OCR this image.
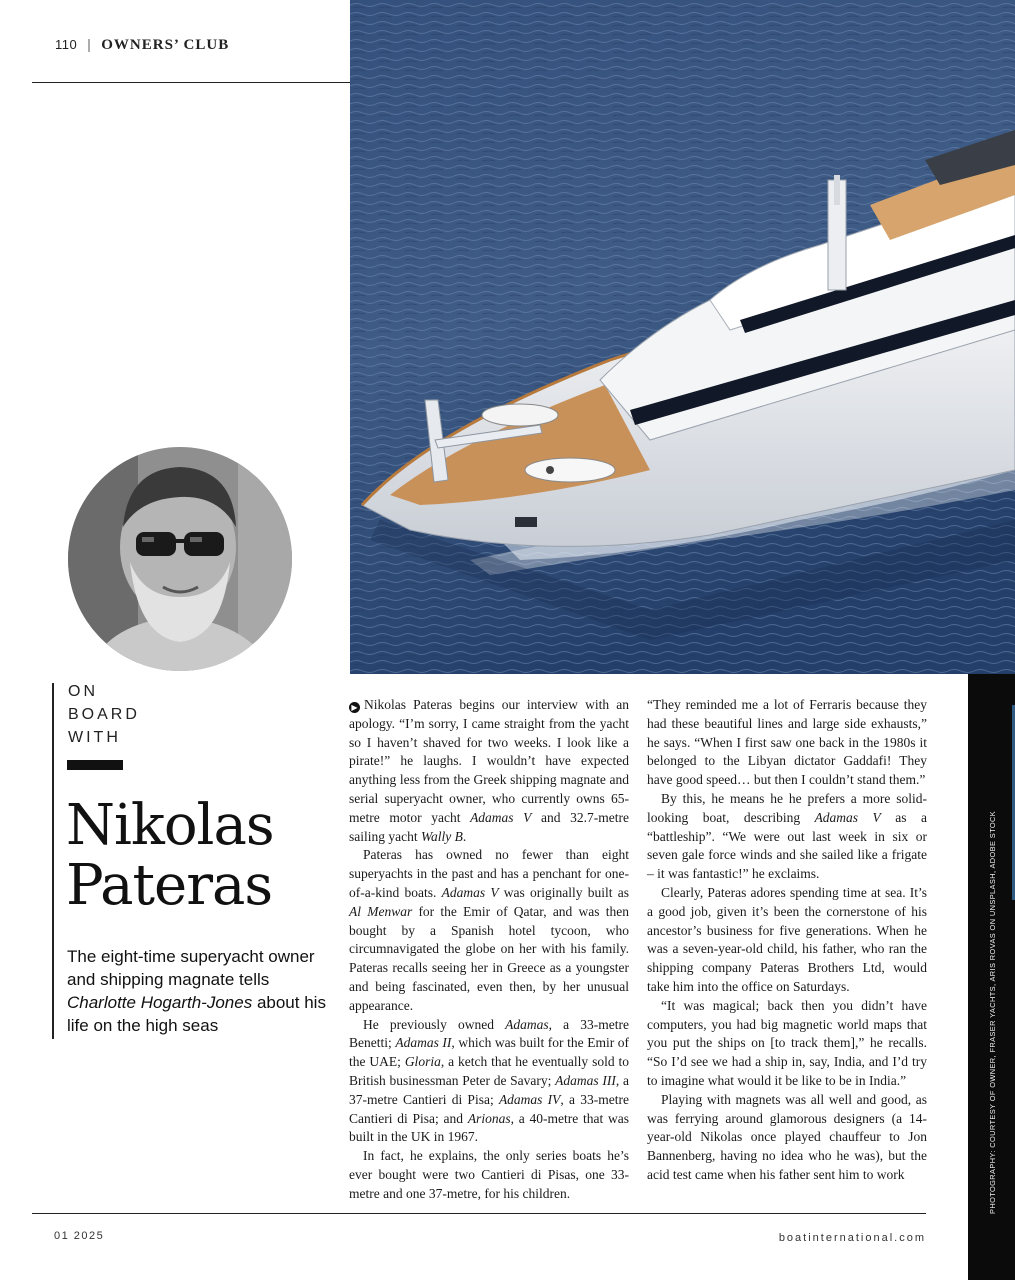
110 | OWNERS’ CLUB
ON
BOARD
WITH
Nikolas
Pateras
The eight-time superyacht owner and shipping magnate tells Charlotte Hogarth-Jones about his life on the high seas

▶ Nikolas Pateras begins our interview with an apology. “I’m sorry, I came straight from the yacht so I haven’t shaved for two weeks. I look like a pirate!” he laughs. I wouldn’t have expected anything less from the Greek shipping magnate and serial superyacht owner, who currently owns 65-metre motor yacht Adamas V and 32.7-metre sailing yacht Wally B.

Pateras has owned no fewer than eight superyachts in the past and has a penchant for one-of-a-kind boats. Adamas V was originally built as Al Menwar for the Emir of Qatar, and was then bought by a Spanish hotel tycoon, who circumnavigated the globe on her with his family. Pateras recalls seeing her in Greece as a youngster and being fascinated, even then, by her unusual appearance.

He previously owned Adamas, a 33-metre Benetti; Adamas II, which was built for the Emir of the UAE; Gloria, a ketch that he eventually sold to British businessman Peter de Savary; Adamas III, a 37-metre Cantieri di Pisa; Adamas IV, a 33-metre Cantieri di Pisa; and Arionas, a 40-metre that was built in the UK in 1967.

In fact, he explains, the only series boats he’s ever bought were two Cantieri di Pisas, one 33-metre and one 37-metre, for his children.

“They reminded me a lot of Ferraris because they had these beautiful lines and large side exhausts,” he says. “When I first saw one back in the 1980s it belonged to the Libyan dictator Gaddafi! They have good speed… but then I couldn’t stand them.”

By this, he means he he prefers a more solid-looking boat, describing Adamas V as a “battleship”. “We were out last week in six or seven gale force winds and she sailed like a frigate – it was fantastic!” he exclaims.

Clearly, Pateras adores spending time at sea. It’s a good job, given it’s been the cornerstone of his ancestor’s business for five generations. When he was a seven-year-old child, his father, who ran the shipping company Pateras Brothers Ltd, would take him into the office on Saturdays.

“It was magical; back then you didn’t have computers, you had big magnetic world maps that you put the ships on [to track them],” he recalls. “So I’d see we had a ship in, say, India, and I’d try to imagine what would it be like to be in India.”

Playing with magnets was all well and good, as was ferrying around glamorous designers (a 14-year-old Nikolas once played chauffeur to Jon Bannenberg, having no idea who he was), but the acid test came when his father sent him to work	PHOTOGRAPHY: COURTESY OF OWNER, FRASER YACHTS, ARIS ROVAS ON UNSPLASH, ADOBE STOCK
01 2025	boatinternational.com
